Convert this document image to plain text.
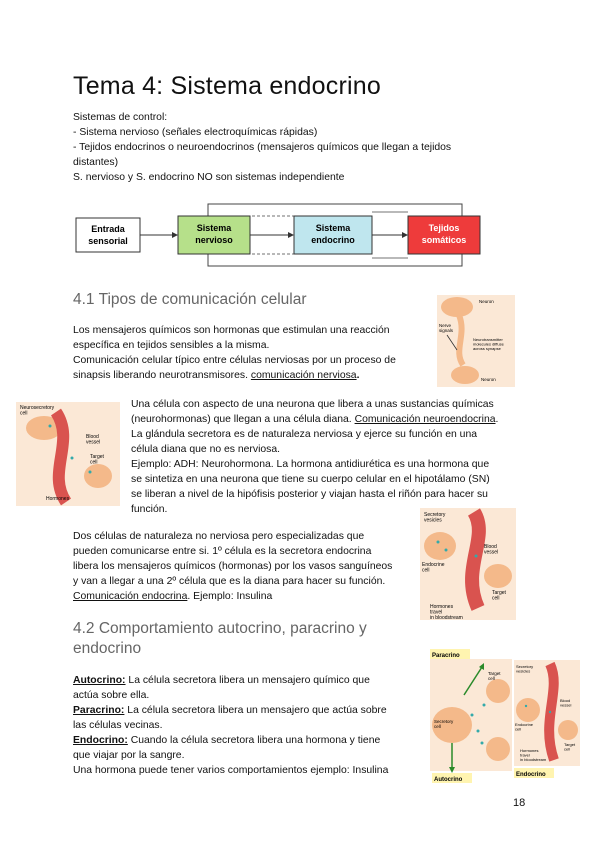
Tema 4: Sistema endocrino
Sistemas de control:
- Sistema nervioso (señales electroquímicas rápidas)
- Tejidos endocrinos o neuroendocrinos (mensajeros químicos que llegan a tejidos
distantes)
S. nervioso y S. endocrino NO son sistemas independiente
Entrada
sensorial
Sistema
nervioso
Sistema
endocrino
Tejidos
somáticos
4.1 Tipos de comunicación celular
Los mensajeros químicos son hormonas que estimulan una reacción
específica en tejidos sensibles a la misma.
Comunicación celular típico entre células nerviosas por un proceso de
sinapsis liberando neurotransmisores. comunicación nerviosa.
Neuron
Nerve signals
Neurotransmitter molecules diffuse across synapse
Neuron
Neurosecretory cell
Blood vessel
Target cell
Hormones
Una célula con aspecto de una neurona que libera a unas sustancias químicas
(neurohormonas) que llegan a una célula diana. Comunicación neuroendocrina.
La glándula secretora es de naturaleza nerviosa y ejerce su función en una
célula diana que no es nerviosa.
Ejemplo: ADH: Neurohormona. La hormona antidiurética es una hormona que
se sintetiza en una neurona que tiene su cuerpo celular en el hipotálamo (SN)
se liberan a nivel de la hipófisis posterior y viajan hasta el riñón para hacer su
función.
Dos células de naturaleza no nerviosa pero especializadas que
pueden comunicarse entre si. 1º célula es la secretora endocrina
libera los mensajeros químicos (hormonas) por los vasos sanguíneos
y van a llegar a una 2º célula que es la diana para hacer su función.
Comunicación endocrina. Ejemplo: Insulina
Secretory vesicles
Blood vessel
Endocrine cell
Target cell
Hormones travel in bloodstream
4.2 Comportamiento autocrino, paracrino y
endocrino
Autocrino: La célula secretora libera un mensajero químico que
actúa sobre ella.
Paracrino: La célula secretora libera un mensajero que actúa sobre
las células vecinas.
Endocrino: Cuando la célula secretora libera una hormona y tiene
que viajar por la sangre.
Una hormona puede tener varios comportamientos ejemplo: Insulina
Paracrino
Target cell
Secretory cell
Autocrino
Secretory vesicles
Blood vessel
Endocrine cell
Target cell
Hormones travel in bloodstream
Endocrino
18
